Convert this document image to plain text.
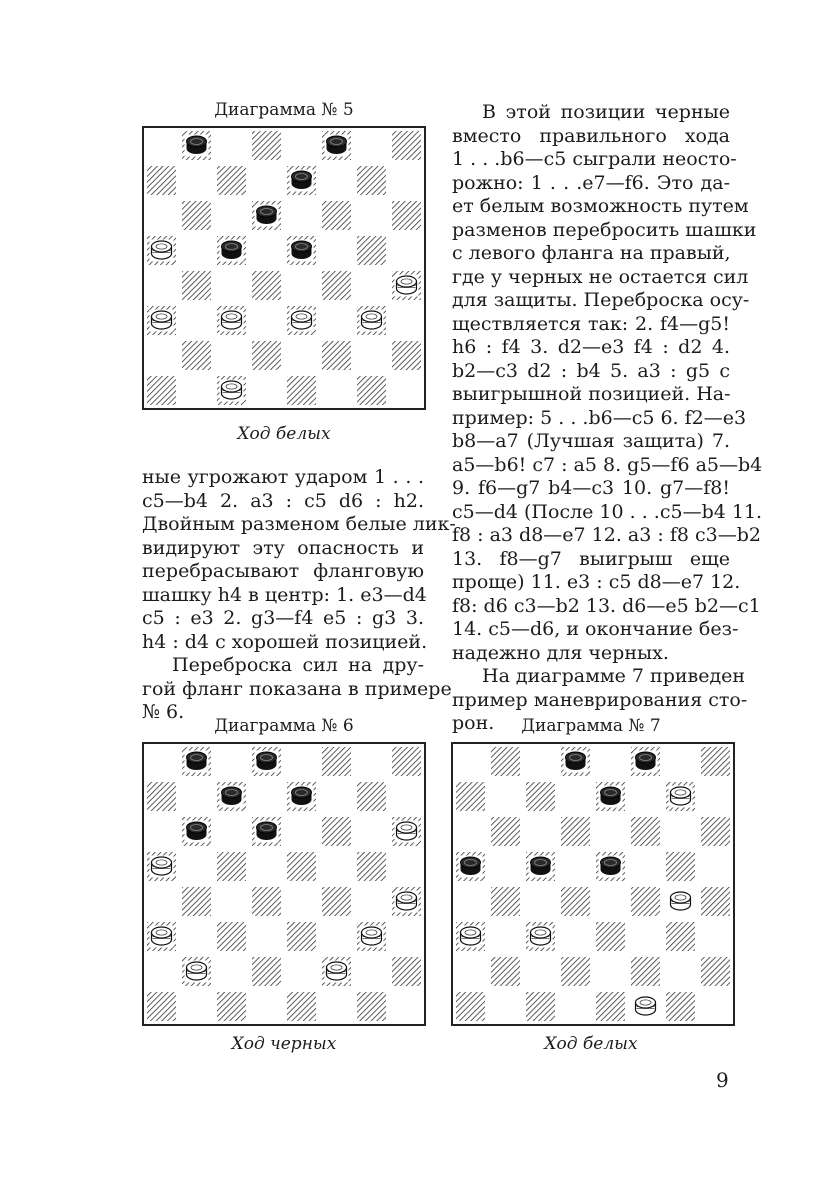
Диаграмма № 5
Ход белых

ные угрожают ударом 1 . . .
c5—b4 2. a3 : c5 d6 : h2.
Двойным разменом белые лик-
видируют эту опасность и
перебрасывают фланговую
шашку h4 в центр: 1. e3—d4
c5 : e3 2. g3—f4 e5 : g3 3.
h4 : d4 с хорошей позицией.

Переброска сил на дру-
гой фланг показана в примере
№ 6.

В этой позиции черные
вместо правильного хода
1 . . .b6—c5 сыграли неосто-
рожно: 1 . . .e7—f6. Это да-
ет белым возможность путем
разменов перебросить шашки
с левого фланга на правый,
где у черных не остается сил
для защиты. Переброска осу-
ществляется так: 2. f4—g5!
h6 : f4 3. d2—e3 f4 : d2 4.
b2—c3 d2 : b4 5. a3 : g5 с
выигрышной позицией. На-
пример: 5 . . .b6—c5 6. f2—e3
b8—a7 (Лучшая защита) 7.
a5—b6! c7 : a5 8. g5—f6 a5—b4
9. f6—g7 b4—c3 10. g7—f8!
c5—d4 (После 10 . . .c5—b4 11.
f8 : a3 d8—e7 12. a3 : f8 c3—b2
13. f8—g7 выигрыш еще
проще) 11. e3 : c5 d8—e7 12.
f8: d6 c3—b2 13. d6—e5 b2—c1
14. c5—d6, и окончание без-
надежно для черных.

На диаграмме 7 приведен
пример маневрирования сто-
рон.

Диаграмма № 6
Ход черных
Диаграмма № 7
Ход белых
9
